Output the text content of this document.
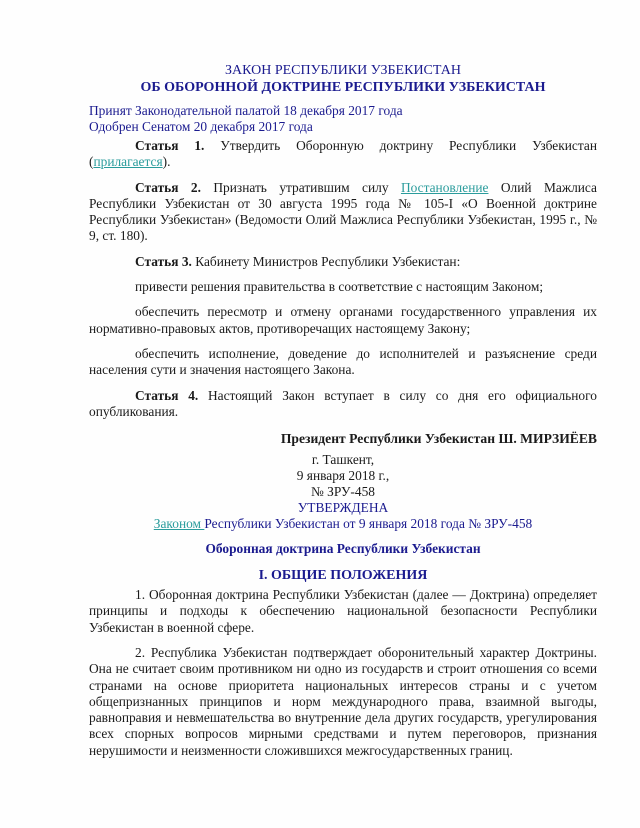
ЗАКОН РЕСПУБЛИКИ УЗБЕКИСТАН
ОБ ОБОРОННОЙ ДОКТРИНЕ РЕСПУБЛИКИ УЗБЕКИСТАН
Принят Законодательной палатой 18 декабря 2017 года
Одобрен Сенатом 20 декабря 2017 года

Статья 1. Утвердить Оборонную доктрину Республики Узбекистан (прилагается).

Статья 2. Признать утратившим силу Постановление Олий Мажлиса Республики Узбекистан от 30 августа 1995 года № 105-I «О Военной доктрине Республики Узбекистан» (Ведомости Олий Мажлиса Республики Узбекистан, 1995 г., № 9, ст. 180).

Статья 3. Кабинету Министров Республики Узбекистан:

привести решения правительства в соответствие с настоящим Законом;

обеспечить пересмотр и отмену органами государственного управления их нормативно-правовых актов, противоречащих настоящему Закону;

обеспечить исполнение, доведение до исполнителей и разъяснение среди населения сути и значения настоящего Закона.

Статья 4. Настоящий Закон вступает в силу со дня его официального опубликования.

Президент Республики Узбекистан Ш. МИРЗИЁЕВ
г. Ташкент,
9 января 2018 г.,
№ ЗРУ-458
УТВЕРЖДЕНА
Законом Республики Узбекистан от 9 января 2018 года № ЗРУ-458
Оборонная доктрина Республики Узбекистан
I. ОБЩИЕ ПОЛОЖЕНИЯ

1. Оборонная доктрина Республики Узбекистан (далее — Доктрина) определяет принципы и подходы к обеспечению национальной безопасности Республики Узбекистан в военной сфере.

2. Республика Узбекистан подтверждает оборонительный характер Доктрины. Она не считает своим противником ни одно из государств и строит отношения со всеми странами на основе приоритета национальных интересов страны и с учетом общепризнанных принципов и норм международного права, взаимной выгоды, равноправия и невмешательства во внутренние дела других государств, урегулирования всех спорных вопросов мирными средствами и путем переговоров, признания нерушимости и неизменности сложившихся межгосударственных границ.
